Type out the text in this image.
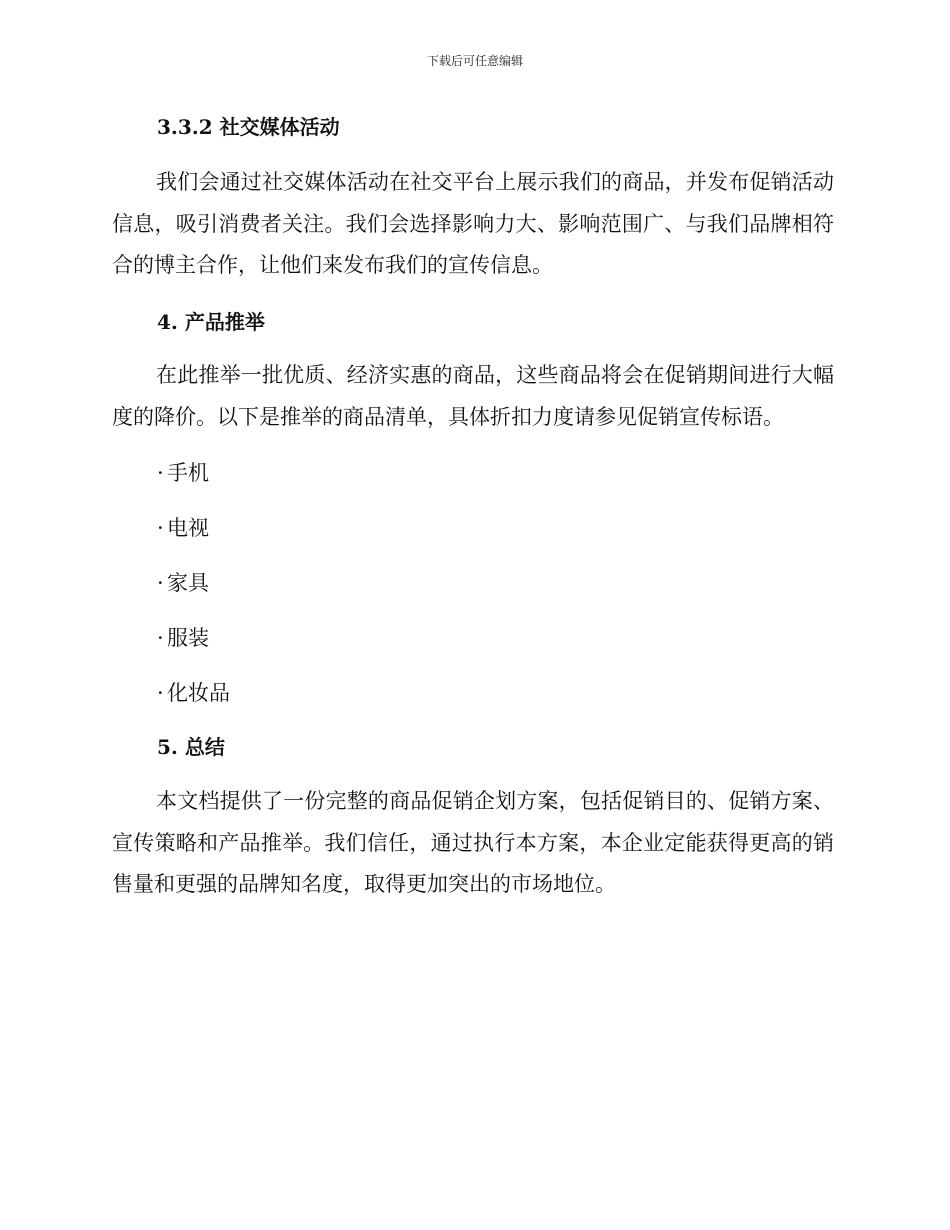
下载后可任意编辑
3.3.2 社交媒体活动

我们会通过社交媒体活动在社交平台上展示我们的商品，并发布促销活动信息，吸引消费者关注。我们会选择影响力大、影响范围广、与我们品牌相符合的博主合作，让他们来发布我们的宣传信息。

4. 产品推举

在此推举一批优质、经济实惠的商品，这些商品将会在促销期间进行大幅度的降价。以下是推举的商品清单，具体折扣力度请参见促销宣传标语。

· 手机
· 电视
· 家具
· 服装
· 化妆品
5. 总结

本文档提供了一份完整的商品促销企划方案，包括促销目的、促销方案、宣传策略和产品推举。我们信任，通过执行本方案，本企业定能获得更高的销售量和更强的品牌知名度，取得更加突出的市场地位。
